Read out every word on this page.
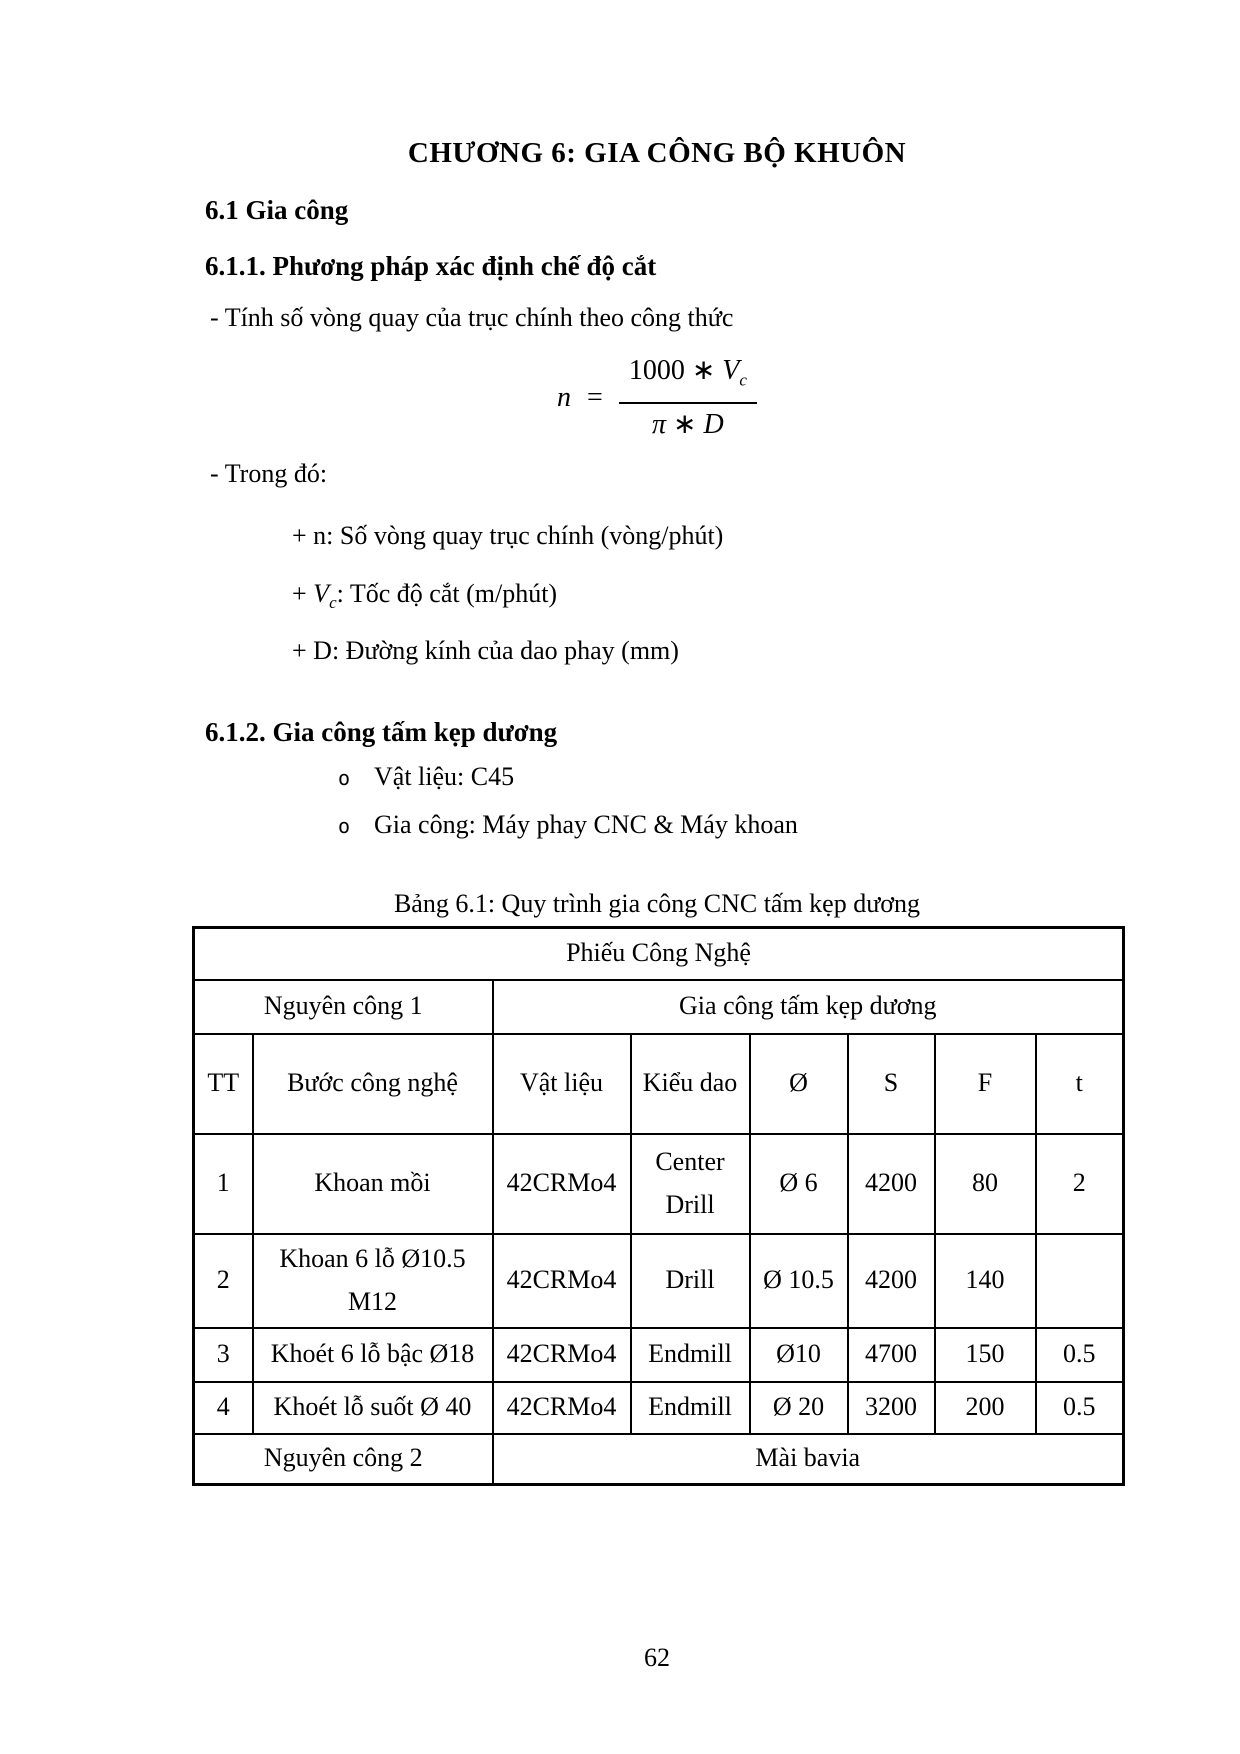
CHƯƠNG 6: GIA CÔNG BỘ KHUÔN
6.1 Gia công
6.1.1. Phương pháp xác định chế độ cắt
- Tính số vòng quay của trục chính theo công thức
$n = \frac{1000 ∗ V_c}{\pi ∗ D}$
- Trong đó:
+ n: Số vòng quay trục chính (vòng/phút)
+ $V_c$: Tốc độ cắt (m/phút)
+ D: Đường kính của dao phay (mm)
6.1.2. Gia công tấm kẹp dương
o Vật liệu: C45
o Gia công: Máy phay CNC & Máy khoan
Bảng 6.1: Quy trình gia công CNC tấm kẹp dương
Phiếu Công Nghệ							
Nguyên công 1		Gia công tấm kẹp dương					
TT	Bước công nghệ	Vật liệu	Kiểu dao	Ø	S	F	t
1	Khoan mồi	42CRMo4	Center Drill	Ø 6	4200	80	2
2	Khoan 6 lỗ Ø10.5 M12	42CRMo4	Drill	Ø 10.5	4200	140	
3	Khoét 6 lỗ bậc Ø18	42CRMo4	Endmill	Ø10	4700	150	0.5
4	Khoét lỗ suốt Ø 40	42CRMo4	Endmill	Ø 20	3200	200	0.5
Nguyên công 2		Mài bavia					
62
